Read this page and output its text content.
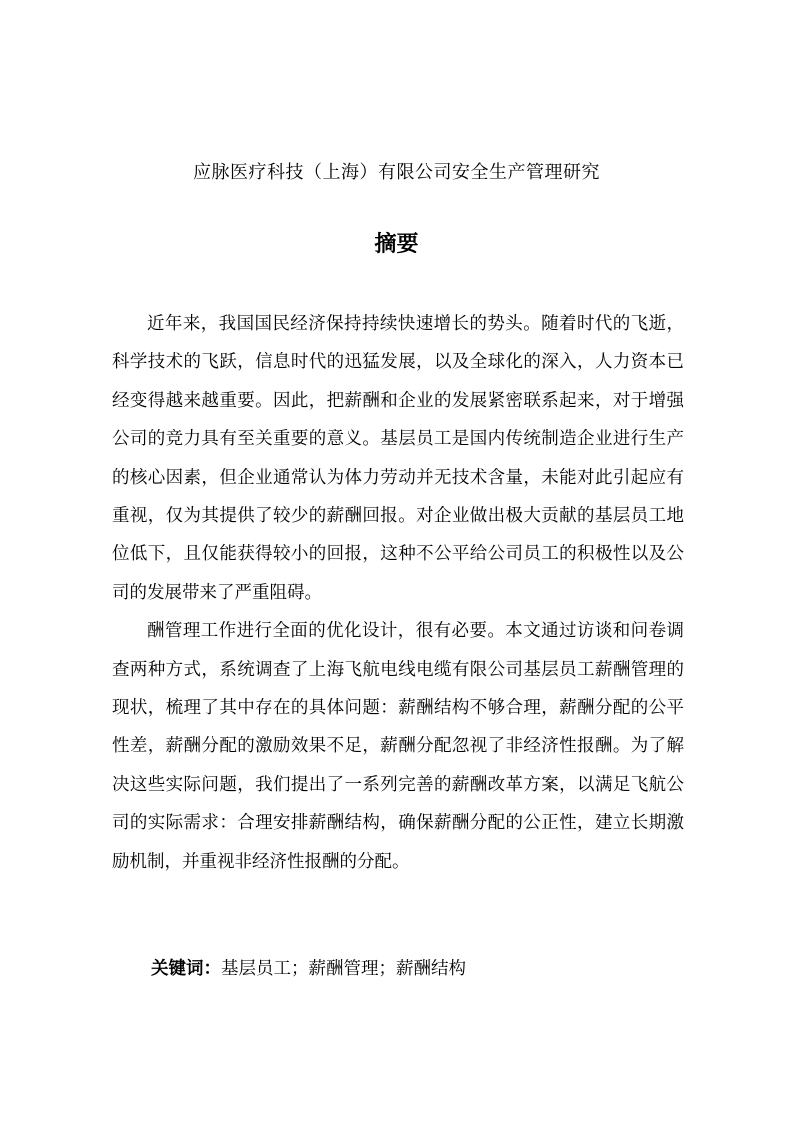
应脉医疗科技（上海）有限公司安全生产管理研究
摘要

近年来，我国国民经济保持持续快速增长的势头。随着时代的飞逝，科学技术的飞跃，信息时代的迅猛发展，以及全球化的深入，人力资本已经变得越来越重要。因此，把薪酬和企业的发展紧密联系起来，对于增强公司的竞力具有至关重要的意义。基层员工是国内传统制造企业进行生产的核心因素，但企业通常认为体力劳动并无技术含量，未能对此引起应有重视，仅为其提供了较少的薪酬回报。对企业做出极大贡献的基层员工地位低下，且仅能获得较小的回报，这种不公平给公司员工的积极性以及公司的发展带来了严重阻碍。

酬管理工作进行全面的优化设计，很有必要。本文通过访谈和问卷调查两种方式，系统调查了上海飞航电线电缆有限公司基层员工薪酬管理的现状，梳理了其中存在的具体问题：薪酬结构不够合理，薪酬分配的公平性差，薪酬分配的激励效果不足，薪酬分配忽视了非经济性报酬。为了解决这些实际问题，我们提出了一系列完善的薪酬改革方案，以满足飞航公司的实际需求：合理安排薪酬结构，确保薪酬分配的公正性，建立长期激励机制，并重视非经济性报酬的分配。

关键词：基层员工；薪酬管理；薪酬结构
